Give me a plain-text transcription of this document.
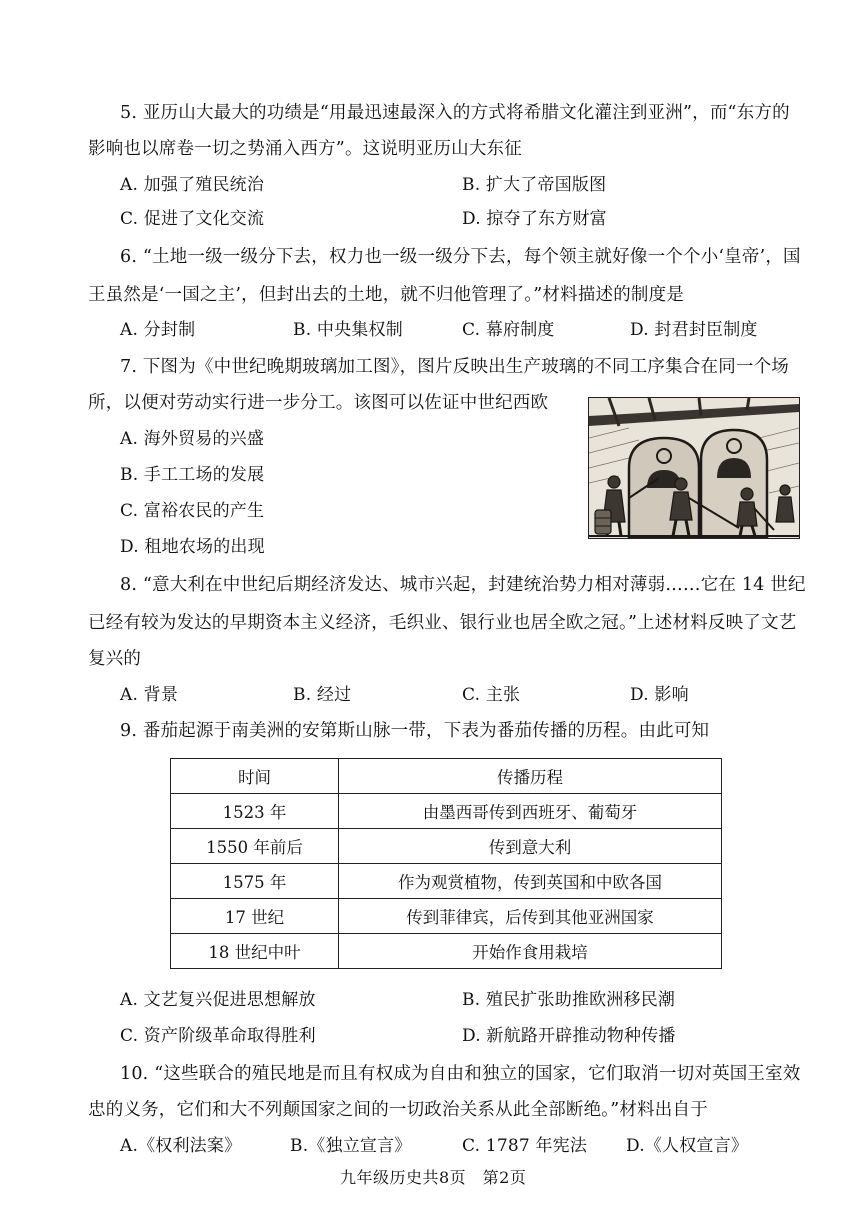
5. 亚历山大最大的功绩是“用最迅速最深入的方式将希腊文化灌注到亚洲”，而“东方的
影响也以席卷一切之势涌入西方”。这说明亚历山大东征
A. 加强了殖民统治	B. 扩大了帝国版图
C. 促进了文化交流	D. 掠夺了东方财富
6. “土地一级一级分下去，权力也一级一级分下去，每个领主就好像一个个小‘皇帝’，国
王虽然是‘一国之主’，但封出去的土地，就不归他管理了。”材料描述的制度是
A. 分封制	B. 中央集权制	C. 幕府制度	D. 封君封臣制度
7. 下图为《中世纪晚期玻璃加工图》，图片反映出生产玻璃的不同工序集合在同一个场
所，以便对劳动实行进一步分工。该图可以佐证中世纪西欧
A. 海外贸易的兴盛
B. 手工工场的发展
C. 富裕农民的产生
D. 租地农场的出现
8. “意大利在中世纪后期经济发达、城市兴起，封建统治势力相对薄弱……它在 14 世纪
已经有较为发达的早期资本主义经济，毛织业、银行业也居全欧之冠。”上述材料反映了文艺
复兴的
A. 背景	B. 经过	C. 主张	D. 影响
9. 番茄起源于南美洲的安第斯山脉一带，下表为番茄传播的历程。由此可知
时间	传播历程
1523 年	由墨西哥传到西班牙、葡萄牙
1550 年前后	传到意大利
1575 年	作为观赏植物，传到英国和中欧各国
17 世纪	传到菲律宾，后传到其他亚洲国家
18 世纪中叶	开始作食用栽培
A. 文艺复兴促进思想解放	B. 殖民扩张助推欧洲移民潮
C. 资产阶级革命取得胜利	D. 新航路开辟推动物种传播
10. “这些联合的殖民地是而且有权成为自由和独立的国家，它们取消一切对英国王室效
忠的义务，它们和大不列颠国家之间的一切政治关系从此全部断绝。”材料出自于
A.《权利法案》	B.《独立宣言》	C. 1787 年宪法 D.《人权宣言》
九年级历史共8页　第2页
